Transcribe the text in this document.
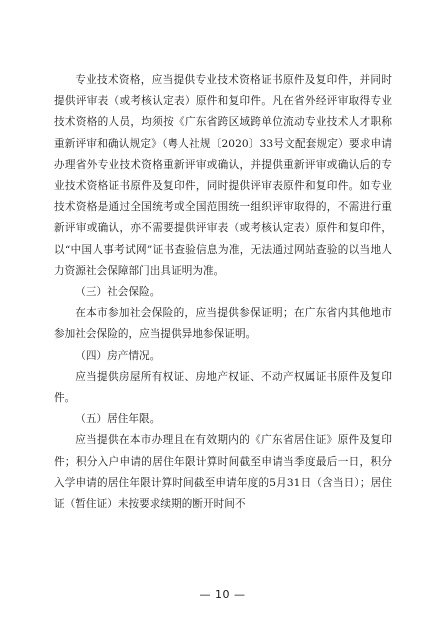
专业技术资格，应当提供专业技术资格证书原件及复印件，并同时提供评审表（或考核认定表）原件和复印件。凡在省外经评审取得专业技术资格的人员，均须按《广东省跨区域跨单位流动专业技术人才职称重新评审和确认规定》（粤人社规〔2020〕33号文配套规定）要求申请办理省外专业技术资格重新评审或确认，并提供重新评审或确认后的专业技术资格证书原件及复印件，同时提供评审表原件和复印件。如专业技术资格是通过全国统考或全国范围统一组织评审取得的，不需进行重新评审或确认，亦不需要提供评审表（或考核认定表）原件和复印件，以“中国人事考试网”证书查验信息为准，无法通过网站查验的以当地人力资源社会保障部门出具证明为准。

（三）社会保险。

在本市参加社会保险的，应当提供参保证明；在广东省内其他地市参加社会保险的，应当提供异地参保证明。

（四）房产情况。

应当提供房屋所有权证、房地产权证、不动产权属证书原件及复印件。

（五）居住年限。

应当提供在本市办理且在有效期内的《广东省居住证》原件及复印件；积分入户申请的居住年限计算时间截至申请当季度最后一日，积分入学申请的居住年限计算时间截至申请年度的5月31日（含当日）；居住证（暂住证）未按要求续期的断开时间不

— 10 —
